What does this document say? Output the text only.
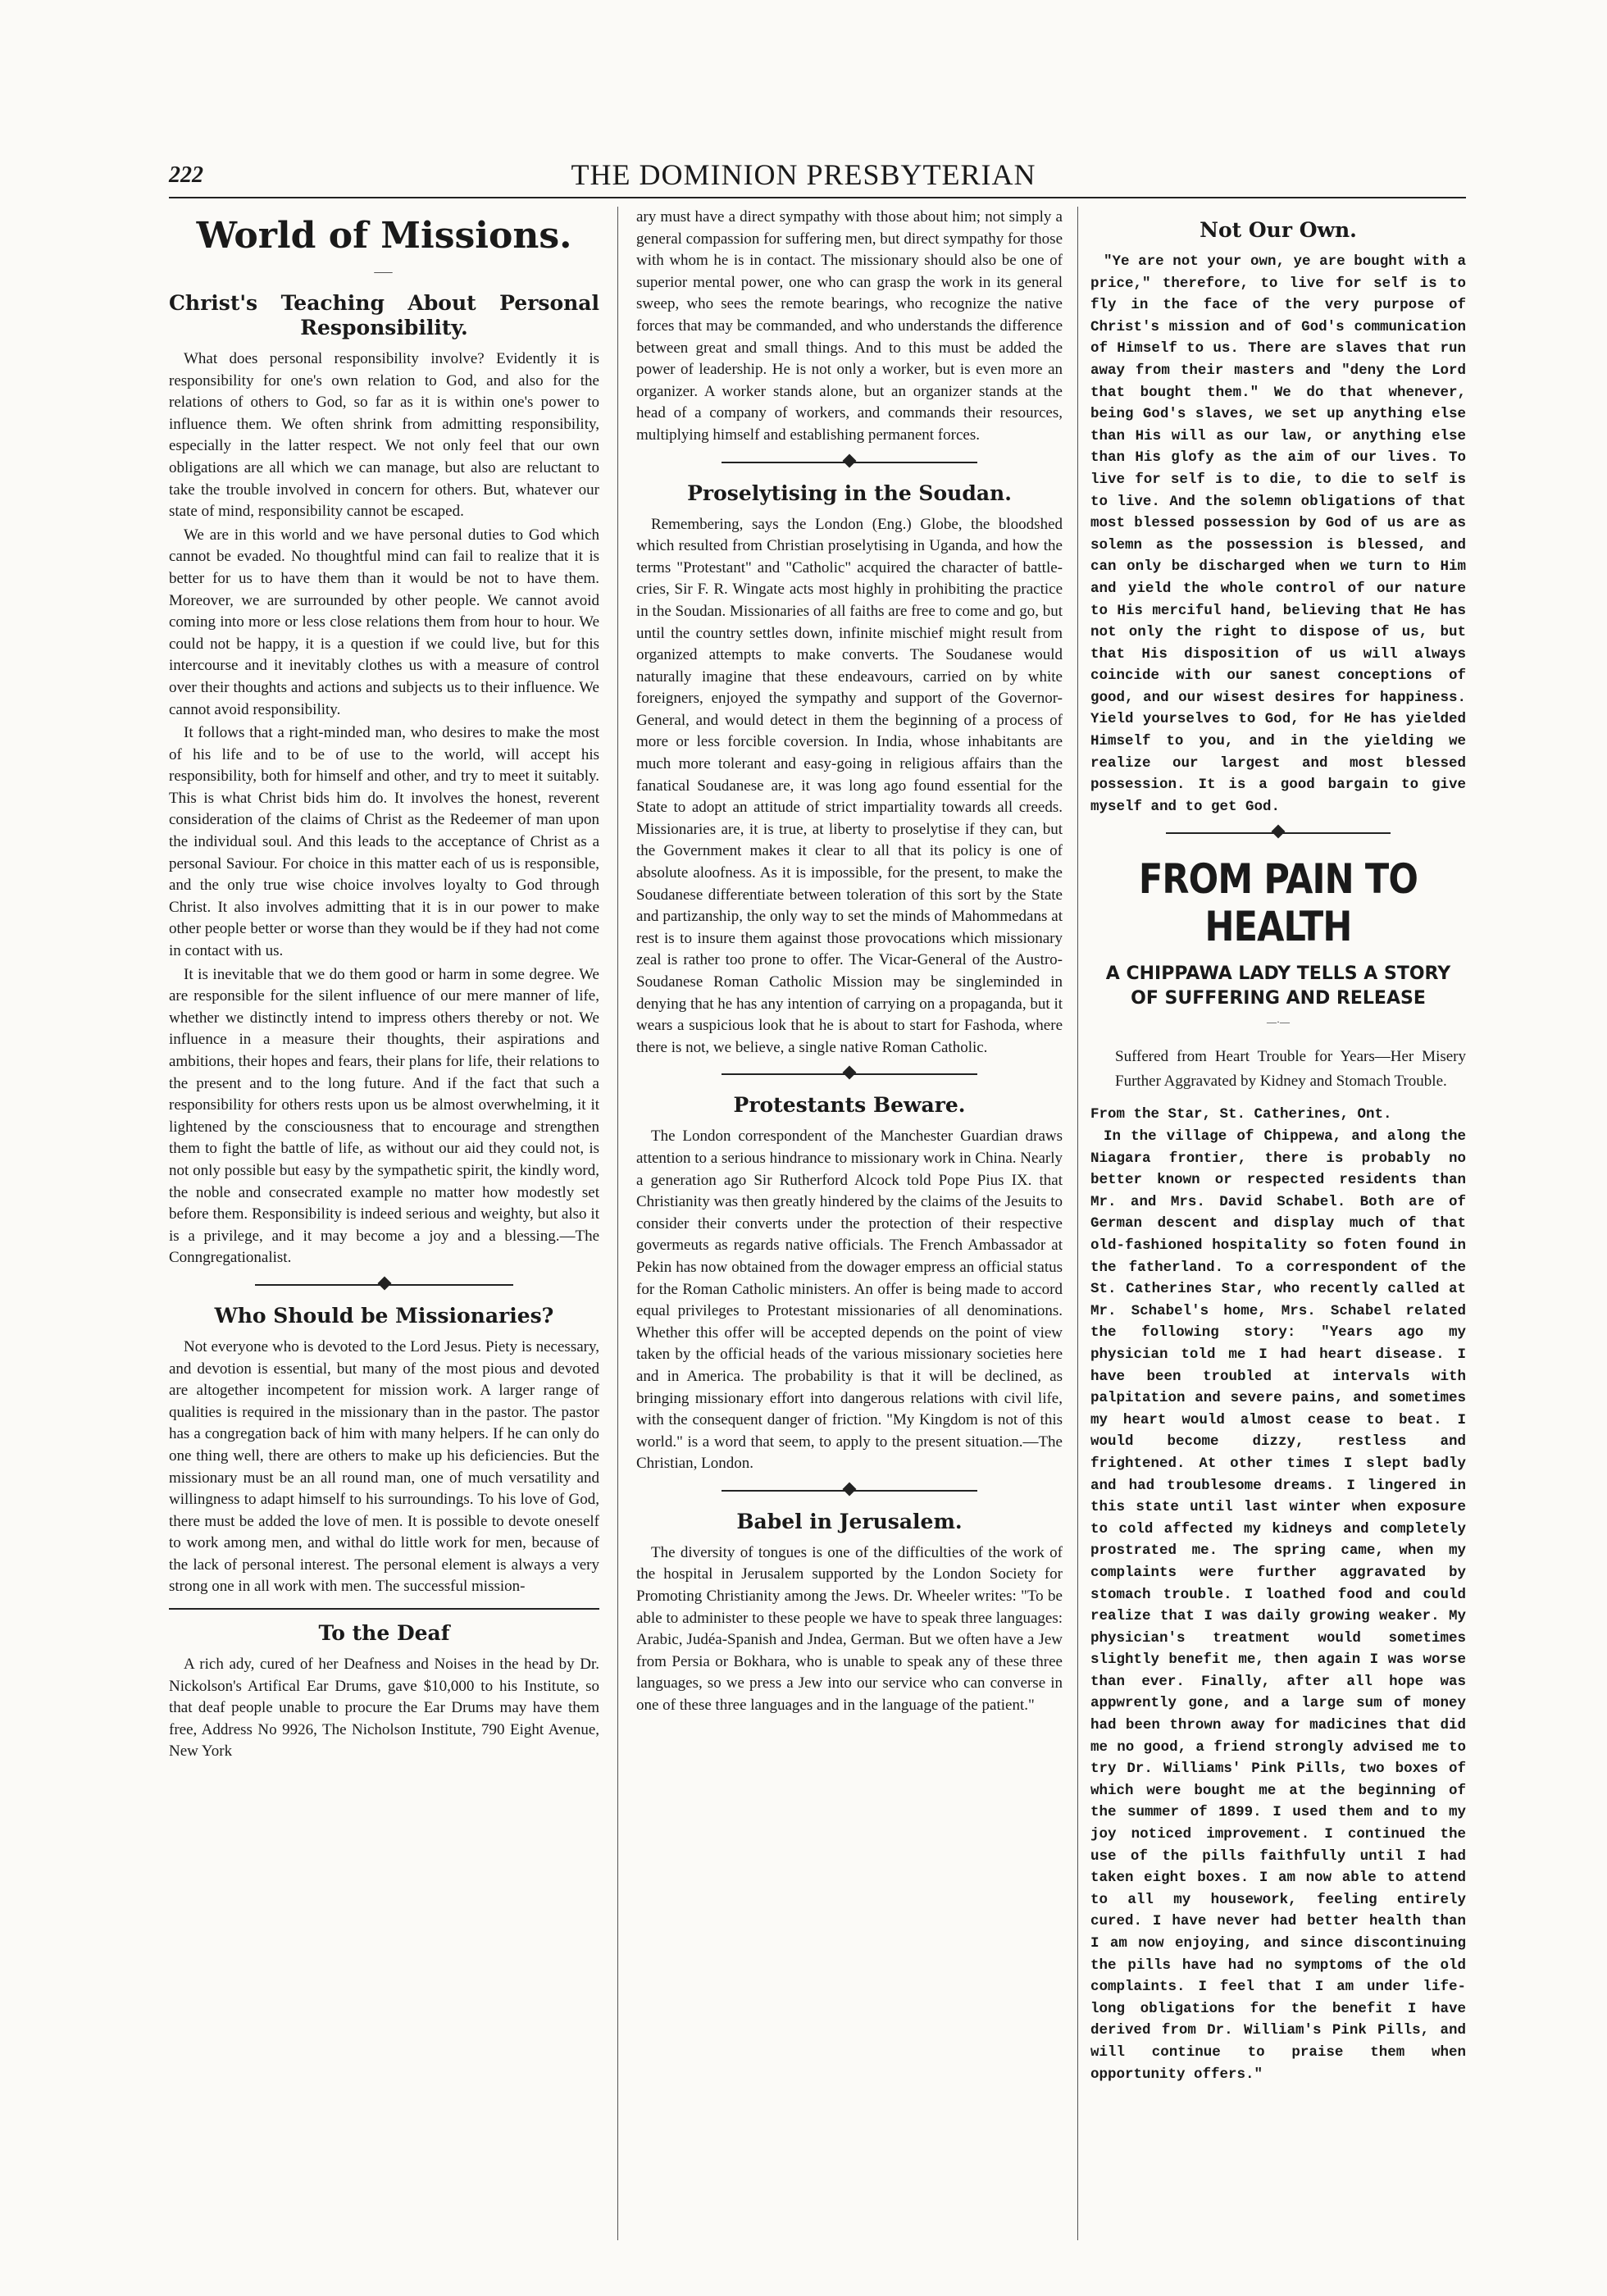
222	THE DOMINION PRESBYTERIAN
World of Missions.
⸺
Christ's Teaching About Personal Responsibility.

What does personal responsibility involve? Evidently it is responsibility for one's own relation to God, and also for the relations of others to God, so far as it is within one's power to influence them. We often shrink from admitting responsibility, especially in the latter respect. We not only feel that our own obligations are all which we can manage, but also are reluctant to take the trouble involved in concern for others. But, whatever our state of mind, responsibility cannot be escaped.

We are in this world and we have personal duties to God which cannot be evaded. No thoughtful mind can fail to realize that it is better for us to have them than it would be not to have them. Moreover, we are surrounded by other people. We cannot avoid coming into more or less close relations them from hour to hour. We could not be happy, it is a question if we could live, but for this intercourse and it inevitably clothes us with a measure of control over their thoughts and actions and subjects us to their influence. We cannot avoid responsibility.

It follows that a right-minded man, who desires to make the most of his life and to be of use to the world, will accept his responsibility, both for himself and other, and try to meet it suitably. This is what Christ bids him do. It involves the honest, reverent consideration of the claims of Christ as the Redeemer of man upon the individual soul. And this leads to the acceptance of Christ as a personal Saviour. For choice in this matter each of us is responsible, and the only true wise choice involves loyalty to God through Christ. It also involves admitting that it is in our power to make other people better or worse than they would be if they had not come in contact with us.

It is inevitable that we do them good or harm in some degree. We are responsible for the silent influence of our mere manner of life, whether we distinctly intend to impress others thereby or not. We influence in a measure their thoughts, their aspirations and ambitions, their hopes and fears, their plans for life, their relations to the present and to the long future. And if the fact that such a responsibility for others rests upon us be almost overwhelming, it it lightened by the consciousness that to encourage and strengthen them to fight the battle of life, as without our aid they could not, is not only possible but easy by the sympathetic spirit, the kindly word, the noble and consecrated example no matter how modestly set before them. Responsibility is indeed serious and weighty, but also it is a privilege, and it may become a joy and a blessing.—The Conngregationalist.

Who Should be Missionaries?

Not everyone who is devoted to the Lord Jesus. Piety is necessary, and devotion is essential, but many of the most pious and devoted are altogether incompetent for mission work. A larger range of qualities is required in the missionary than in the pastor. The pastor has a congregation back of him with many helpers. If he can only do one thing well, there are others to make up his deficiencies. But the missionary must be an all round man, one of much versatility and willingness to adapt himself to his surroundings. To his love of God, there must be added the love of men. It is possible to devote oneself to work among men, and withal do little work for men, because of the lack of personal interest. The personal element is always a very strong one in all work with men. The successful mission-

To the Deaf

A rich ady, cured of her Deafness and Noises in the head by Dr. Nickolson's Artifical Ear Drums, gave $10,000 to his Institute, so that deaf people unable to procure the Ear Drums may have them free, Address No 9926, The Nicholson Institute, 790 Eight Avenue, New York

ary must have a direct sympathy with those about him; not simply a general compassion for suffering men, but direct sympathy for those with whom he is in contact. The missionary should also be one of superior mental power, one who can grasp the work in its general sweep, who sees the remote bearings, who recognize the native forces that may be commanded, and who understands the difference between great and small things. And to this must be added the power of leadership. He is not only a worker, but is even more an organizer. A worker stands alone, but an organizer stands at the head of a company of workers, and commands their resources, multiplying himself and establishing permanent forces.

Proselytising in the Soudan.

Remembering, says the London (Eng.) Globe, the bloodshed which resulted from Christian proselytising in Uganda, and how the terms "Protestant" and "Catholic" acquired the character of battle-cries, Sir F. R. Wingate acts most highly in prohibiting the practice in the Soudan. Missionaries of all faiths are free to come and go, but until the country settles down, infinite mischief might result from organized attempts to make converts. The Soudanese would naturally imagine that these endeavours, carried on by white foreigners, enjoyed the sympathy and support of the Governor-General, and would detect in them the beginning of a process of more or less forcible coversion. In India, whose inhabitants are much more tolerant and easy-going in religious affairs than the fanatical Soudanese are, it was long ago found essential for the State to adopt an attitude of strict impartiality towards all creeds. Missionaries are, it is true, at liberty to proselytise if they can, but the Government makes it clear to all that its policy is one of absolute aloofness. As it is impossible, for the present, to make the Soudanese differentiate between toleration of this sort by the State and partizanship, the only way to set the minds of Mahommedans at rest is to insure them against those provocations which missionary zeal is rather too prone to offer. The Vicar-General of the Austro-Soudanese Roman Catholic Mission may be singleminded in denying that he has any intention of carrying on a propaganda, but it wears a suspicious look that he is about to start for Fashoda, where there is not, we believe, a single native Roman Catholic.

Protestants Beware.

The London correspondent of the Manchester Guardian draws attention to a serious hindrance to missionary work in China. Nearly a generation ago Sir Rutherford Alcock told Pope Pius IX. that Christianity was then greatly hindered by the claims of the Jesuits to consider their converts under the protection of their respective govermeuts as regards native officials. The French Ambassador at Pekin has now obtained from the dowager empress an official status for the Roman Catholic ministers. An offer is being made to accord equal privileges to Protestant missionaries of all denominations. Whether this offer will be accepted depends on the point of view taken by the official heads of the various missionary societies here and in America. The probability is that it will be declined, as bringing missionary effort into dangerous relations with civil life, with the consequent danger of friction. "My Kingdom is not of this world." is a word that seem, to apply to the present situation.—The Christian, London.

Babel in Jerusalem.

The diversity of tongues is one of the difficulties of the work of the hospital in Jerusalem supported by the London Society for Promoting Christianity among the Jews. Dr. Wheeler writes: "To be able to administer to these people we have to speak three languages: Arabic, Judéa-Spanish and Jndea, German. But we often have a Jew from Persia or Bokhara, who is unable to speak any of these three languages, so we press a Jew into our service who can converse in one of these three languages and in the language of the patient."

Not Our Own.

"Ye are not your own, ye are bought with a price," therefore, to live for self is to fly in the face of the very purpose of Christ's mission and of God's communication of Himself to us. There are slaves that run away from their masters and "deny the Lord that bought them." We do that whenever, being God's slaves, we set up anything else than His will as our law, or anything else than His glofy as the aim of our lives. To live for self is to die, to die to self is to live. And the solemn obligations of that most blessed possession by God of us are as solemn as the possession is blessed, and can only be discharged when we turn to Him and yield the whole control of our nature to His merciful hand, believing that He has not only the right to dispose of us, but that His disposition of us will always coincide with our sanest conceptions of good, and our wisest desires for happiness. Yield yourselves to God, for He has yielded Himself to you, and in the yielding we realize our largest and most blessed possession. It is a good bargain to give myself and to get God.

FROM PAIN TO HEALTH
A CHIPPAWA LADY TELLS A STORY OF SUFFERING AND RELEASE
—·—
Suffered from Heart Trouble for Years—Her Misery Further Aggravated by Kidney and Stomach Trouble.
From the Star, St. Catherines, Ont.

In the village of Chippewa, and along the Niagara frontier, there is probably no better known or respected residents than Mr. and Mrs. David Schabel. Both are of German descent and display much of that old-fashioned hospitality so foten found in the fatherland. To a correspondent of the St. Catherines Star, who recently called at Mr. Schabel's home, Mrs. Schabel related the following story: "Years ago my physician told me I had heart disease. I have been troubled at intervals with palpitation and severe pains, and sometimes my heart would almost cease to beat. I would become dizzy, restless and frightened. At other times I slept badly and had troublesome dreams. I lingered in this state until last winter when exposure to cold affected my kidneys and completely prostrated me. The spring came, when my complaints were further aggravated by stomach trouble. I loathed food and could realize that I was daily growing weaker. My physician's treatment would sometimes slightly benefit me, then again I was worse than ever. Finally, after all hope was appwrently gone, and a large sum of money had been thrown away for madicines that did me no good, a friend strongly advised me to try Dr. Williams' Pink Pills, two boxes of which were bought me at the beginning of the summer of 1899. I used them and to my joy noticed improvement. I continued the use of the pills faithfully until I had taken eight boxes. I am now able to attend to all my housework, feeling entirely cured. I have never had better health than I am now enjoying, and since discontinuing the pills have had no symptoms of the old complaints. I feel that I am under life-long obligations for the benefit I have derived from Dr. William's Pink Pills, and will continue to praise them when opportunity offers."
